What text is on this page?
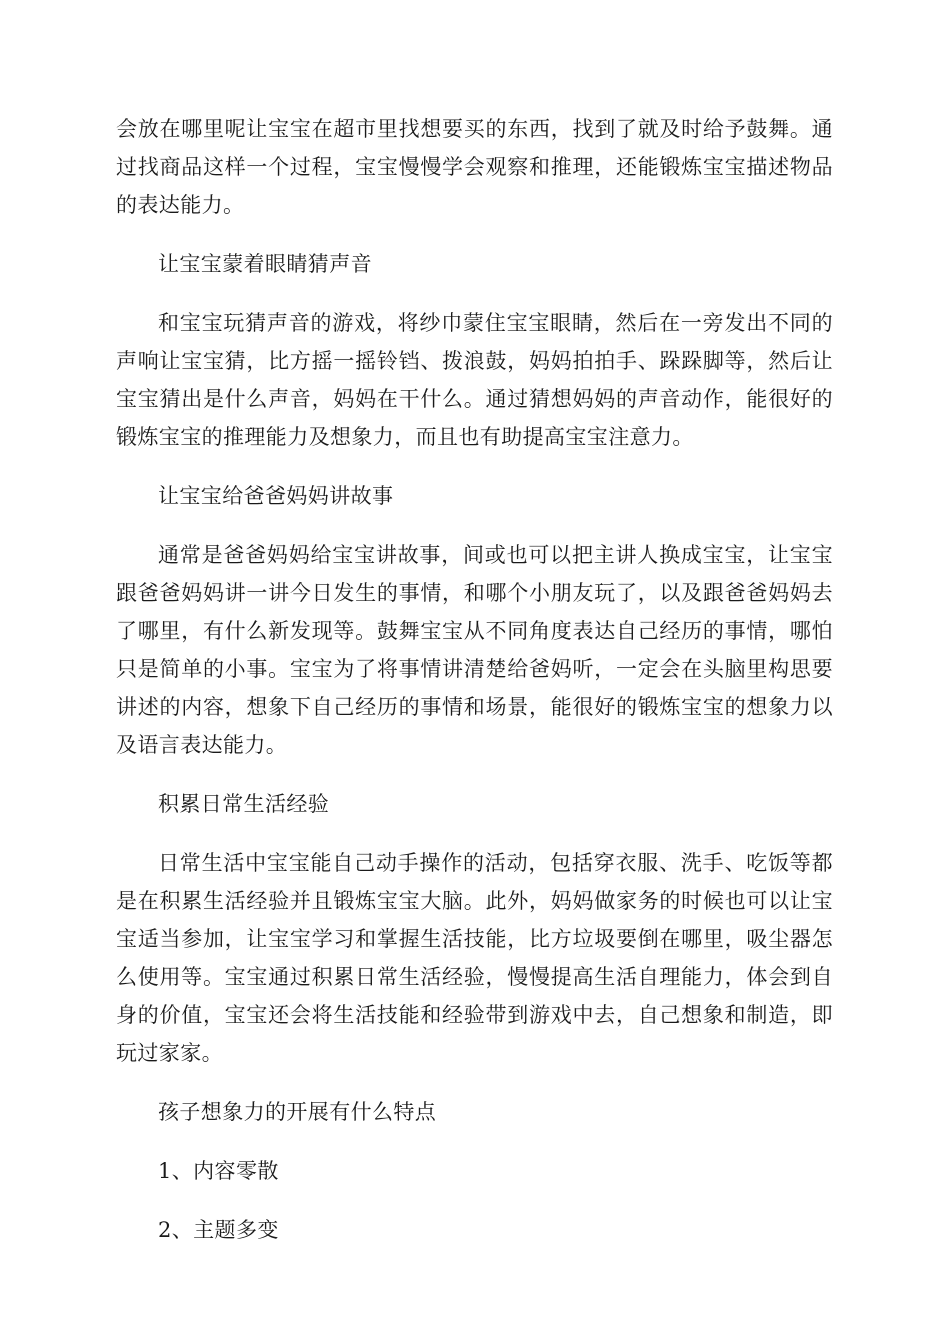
会放在哪里呢让宝宝在超市里找想要买的东西，找到了就及时给予鼓舞。通过找商品这样一个过程，宝宝慢慢学会观察和推理，还能锻炼宝宝描述物品的表达能力。

让宝宝蒙着眼睛猜声音

和宝宝玩猜声音的游戏，将纱巾蒙住宝宝眼睛，然后在一旁发出不同的声响让宝宝猜，比方摇一摇铃铛、拨浪鼓，妈妈拍拍手、跺跺脚等，然后让宝宝猜出是什么声音，妈妈在干什么。通过猜想妈妈的声音动作，能很好的锻炼宝宝的推理能力及想象力，而且也有助提高宝宝注意力。

让宝宝给爸爸妈妈讲故事

通常是爸爸妈妈给宝宝讲故事，间或也可以把主讲人换成宝宝，让宝宝跟爸爸妈妈讲一讲今日发生的事情，和哪个小朋友玩了，以及跟爸爸妈妈去了哪里，有什么新发现等。鼓舞宝宝从不同角度表达自己经历的事情，哪怕只是简单的小事。宝宝为了将事情讲清楚给爸妈听，一定会在头脑里构思要讲述的内容，想象下自己经历的事情和场景，能很好的锻炼宝宝的想象力以及语言表达能力。

积累日常生活经验

日常生活中宝宝能自己动手操作的活动，包括穿衣服、洗手、吃饭等都是在积累生活经验并且锻炼宝宝大脑。此外，妈妈做家务的时候也可以让宝宝适当参加，让宝宝学习和掌握生活技能，比方垃圾要倒在哪里，吸尘器怎么使用等。宝宝通过积累日常生活经验，慢慢提高生活自理能力，体会到自身的价值，宝宝还会将生活技能和经验带到游戏中去，自己想象和制造，即玩过家家。

孩子想象力的开展有什么特点

1、内容零散

2、主题多变
